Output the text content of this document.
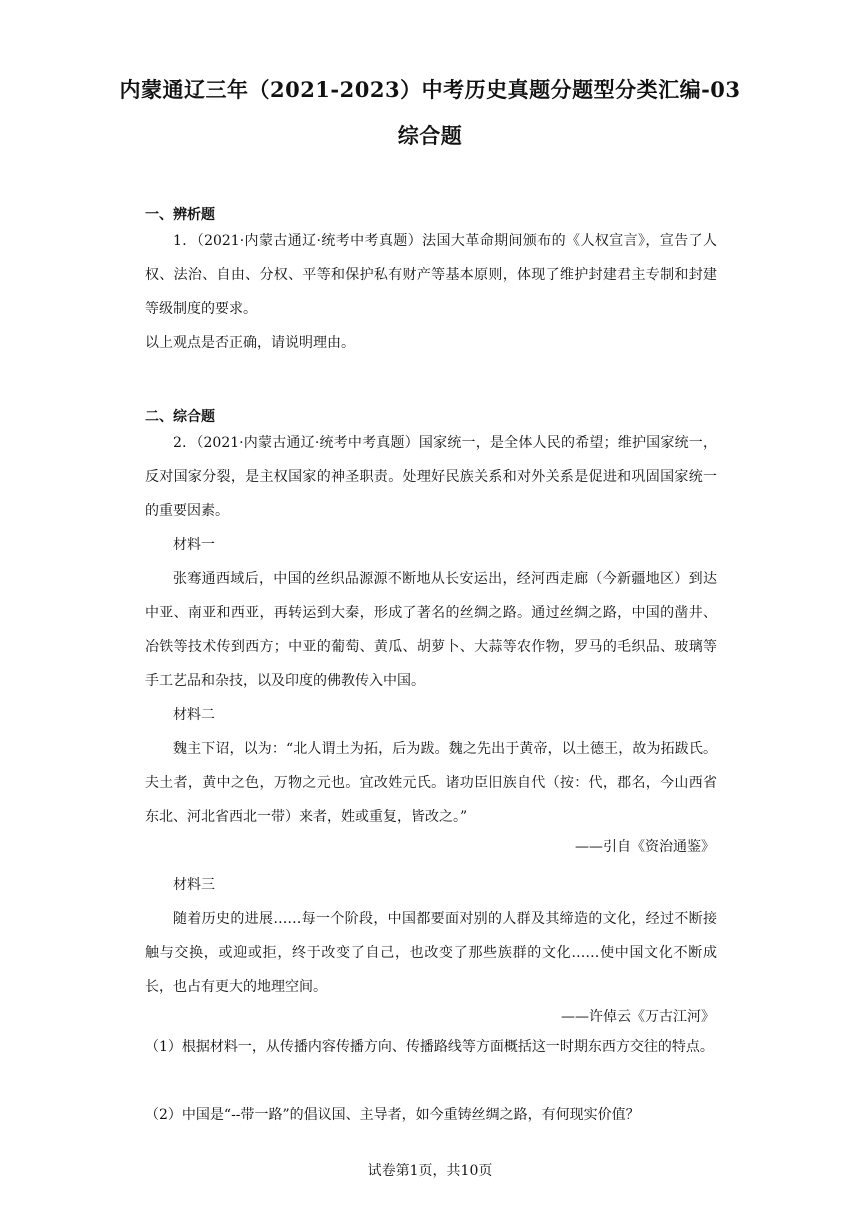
内蒙通辽三年（2021-2023）中考历史真题分题型分类汇编-03
综合题
一、辨析题
1．（2021·内蒙古通辽·统考中考真题）法国大革命期间颁布的《人权宣言》，宣告了人权、法治、自由、分权、平等和保护私有财产等基本原则，体现了维护封建君主专制和封建等级制度的要求。
以上观点是否正确，请说明理由。
二、综合题
2．（2021·内蒙古通辽·统考中考真题）国家统一，是全体人民的希望；维护国家统一，反对国家分裂，是主权国家的神圣职责。处理好民族关系和对外关系是促进和巩固国家统一的重要因素。
材料一
张骞通西域后，中国的丝织品源源不断地从长安运出，经河西走廊（今新疆地区）到达中亚、南亚和西亚，再转运到大秦，形成了著名的丝绸之路。通过丝绸之路，中国的凿井、冶铁等技术传到西方；中亚的葡萄、黄瓜、胡萝卜、大蒜等农作物，罗马的毛织品、玻璃等手工艺品和杂技，以及印度的佛教传入中国。
材料二
魏主下诏，以为：“北人谓土为拓，后为跋。魏之先出于黄帝，以土德王，故为拓跋氏。夫土者，黄中之色，万物之元也。宜改姓元氏。诸功臣旧族自代（按：代，郡名，今山西省东北、河北省西北一带）来者，姓或重复，皆改之。”
——引自《资治通鉴》
材料三
随着历史的进展……每一个阶段，中国都要面对别的人群及其缔造的文化，经过不断接触与交换，或迎或拒，终于改变了自己，也改变了那些族群的文化……使中国文化不断成长，也占有更大的地理空间。
——许倬云《万古江河》
（1）根据材料一，从传播内容传播方向、传播路线等方面概括这一时期东西方交往的特点。
（2）中国是“--带一路”的倡议国、主导者，如今重铸丝绸之路，有何现实价值？
试卷第1页，共10页
